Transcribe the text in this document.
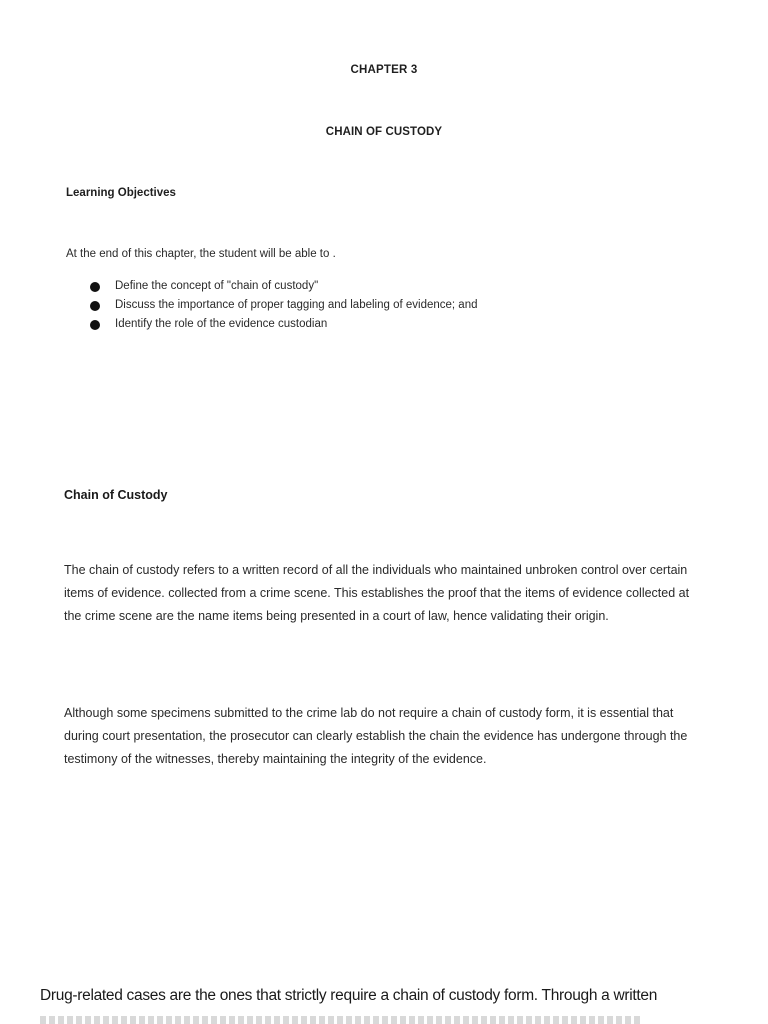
CHAPTER 3
CHAIN OF CUSTODY
Learning Objectives
At the end of this chapter, the student will be able to .
Define the concept of "chain of custody"
Discuss the importance of proper tagging and labeling of evidence; and
Identify the role of the evidence custodian
Chain of Custody

The chain of custody refers to a written record of all the individuals who maintained unbroken control over certain items of evidence. collected from a crime scene. This establishes the proof that the items of evidence collected at the crime scene are the name items being presented in a court of law, hence validating their origin.

Although some specimens submitted to the crime lab do not require a chain of custody form, it is essential that during court presentation, the prosecutor can clearly establish the chain the evidence has undergone through the testimony of the witnesses, thereby maintaining the integrity of the evidence.

Drug-related cases are the ones that strictly require a chain of custody form. Through a written
